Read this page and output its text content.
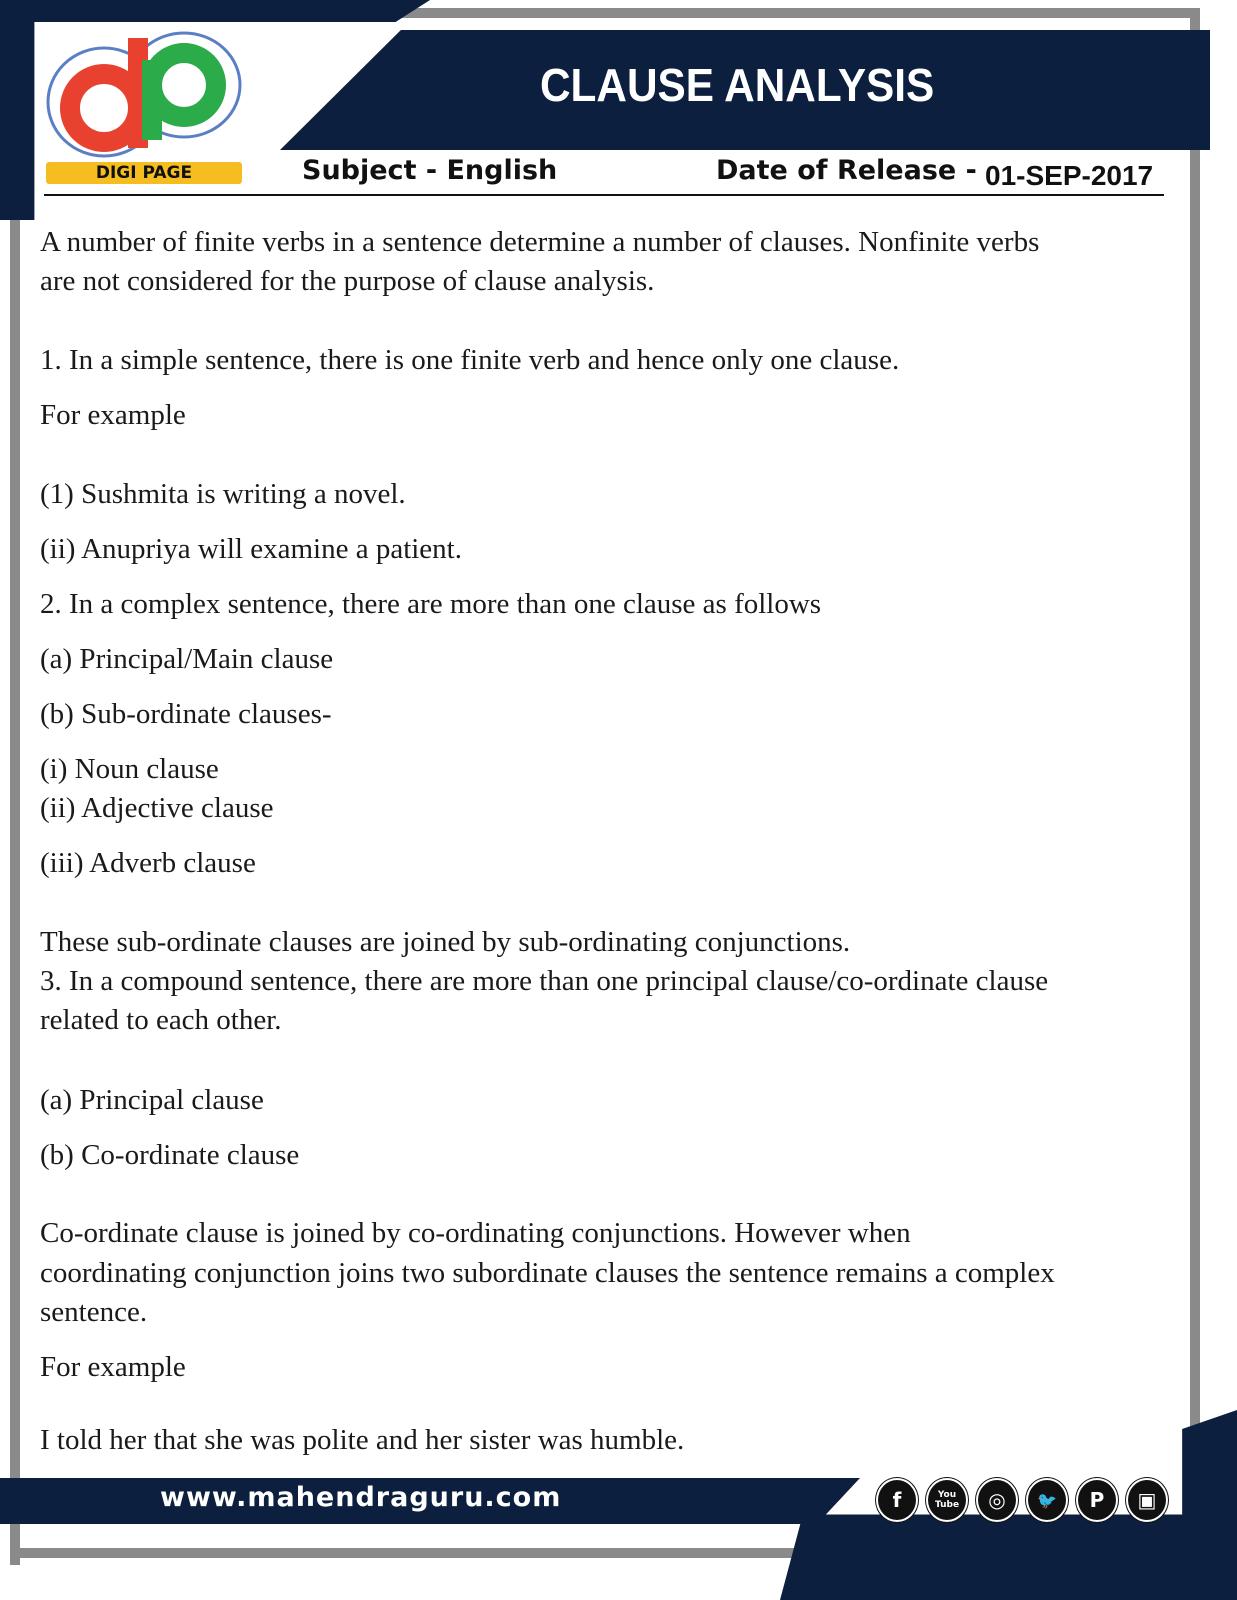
DIGI PAGE
CLAUSE ANALYSIS
Subject - English	Date of Release - 01-SEP-2017
A number of finite verbs in a sentence determine a number of clauses. Nonfinite verbs
are not considered for the purpose of clause analysis.
1. In a simple sentence, there is one finite verb and hence only one clause.
For example
(1) Sushmita is writing a novel.
(ii) Anupriya will examine a patient.
2. In a complex sentence, there are more than one clause as follows
(a) Principal/Main clause
(b) Sub-ordinate clauses-
(i) Noun clause
(ii) Adjective clause
(iii) Adverb clause
These sub-ordinate clauses are joined by sub-ordinating conjunctions.
3. In a compound sentence, there are more than one principal clause/co-ordinate clause
related to each other.
(a) Principal clause
(b) Co-ordinate clause
Co-ordinate clause is joined by co-ordinating conjunctions. However when
coordinating conjunction joins two subordinate clauses the sentence remains a complex
sentence.
For example
I told her that she was polite and her sister was humble.
www.mahendraguru.com	f	You Tube	◎	🐦	P	▣
